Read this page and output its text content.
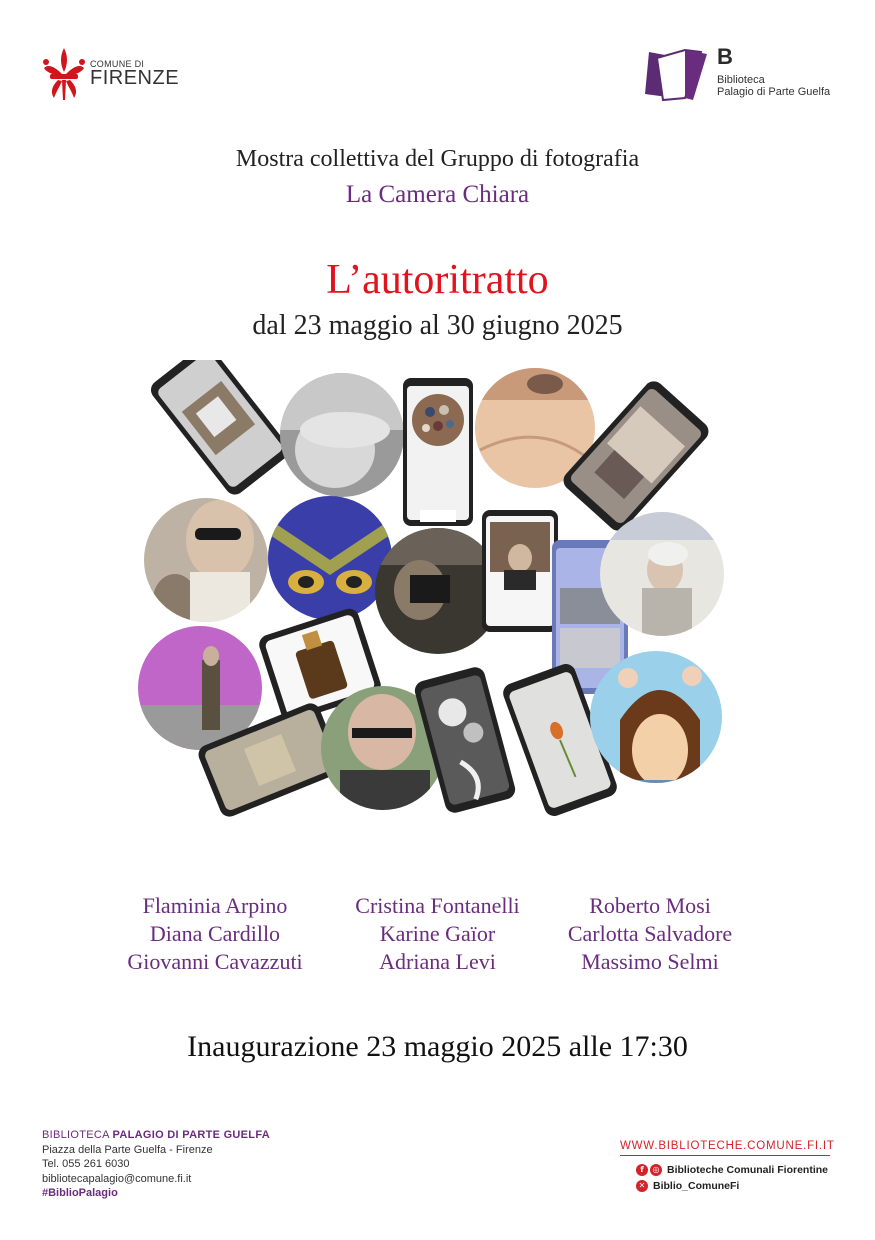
COMUNE DI
FIRENZE
B
Biblioteca
Palagio di Parte Guelfa
Mostra collettiva del Gruppo di fotografia
La Camera Chiara
L’autoritratto
dal 23 maggio al 30 giugno 2025
Flaminia Arpino
Diana Cardillo
Giovanni Cavazzuti
Cristina Fontanelli
Karine Gaïor
Adriana Levi
Roberto Mosi
Carlotta Salvadore
Massimo Selmi
Inaugurazione 23 maggio 2025 alle 17:30
BIBLIOTECA PALAGIO DI PARTE GUELFA
Piazza della Parte Guelfa - Firenze
Tel. 055 261 6030
bibliotecapalagio@comune.fi.it
#BiblioPalagio
WWW.BIBLIOTECHE.COMUNE.FI.IT
f	◎ Biblioteche Comunali Fiorentine
✕ Biblio_ComuneFi
